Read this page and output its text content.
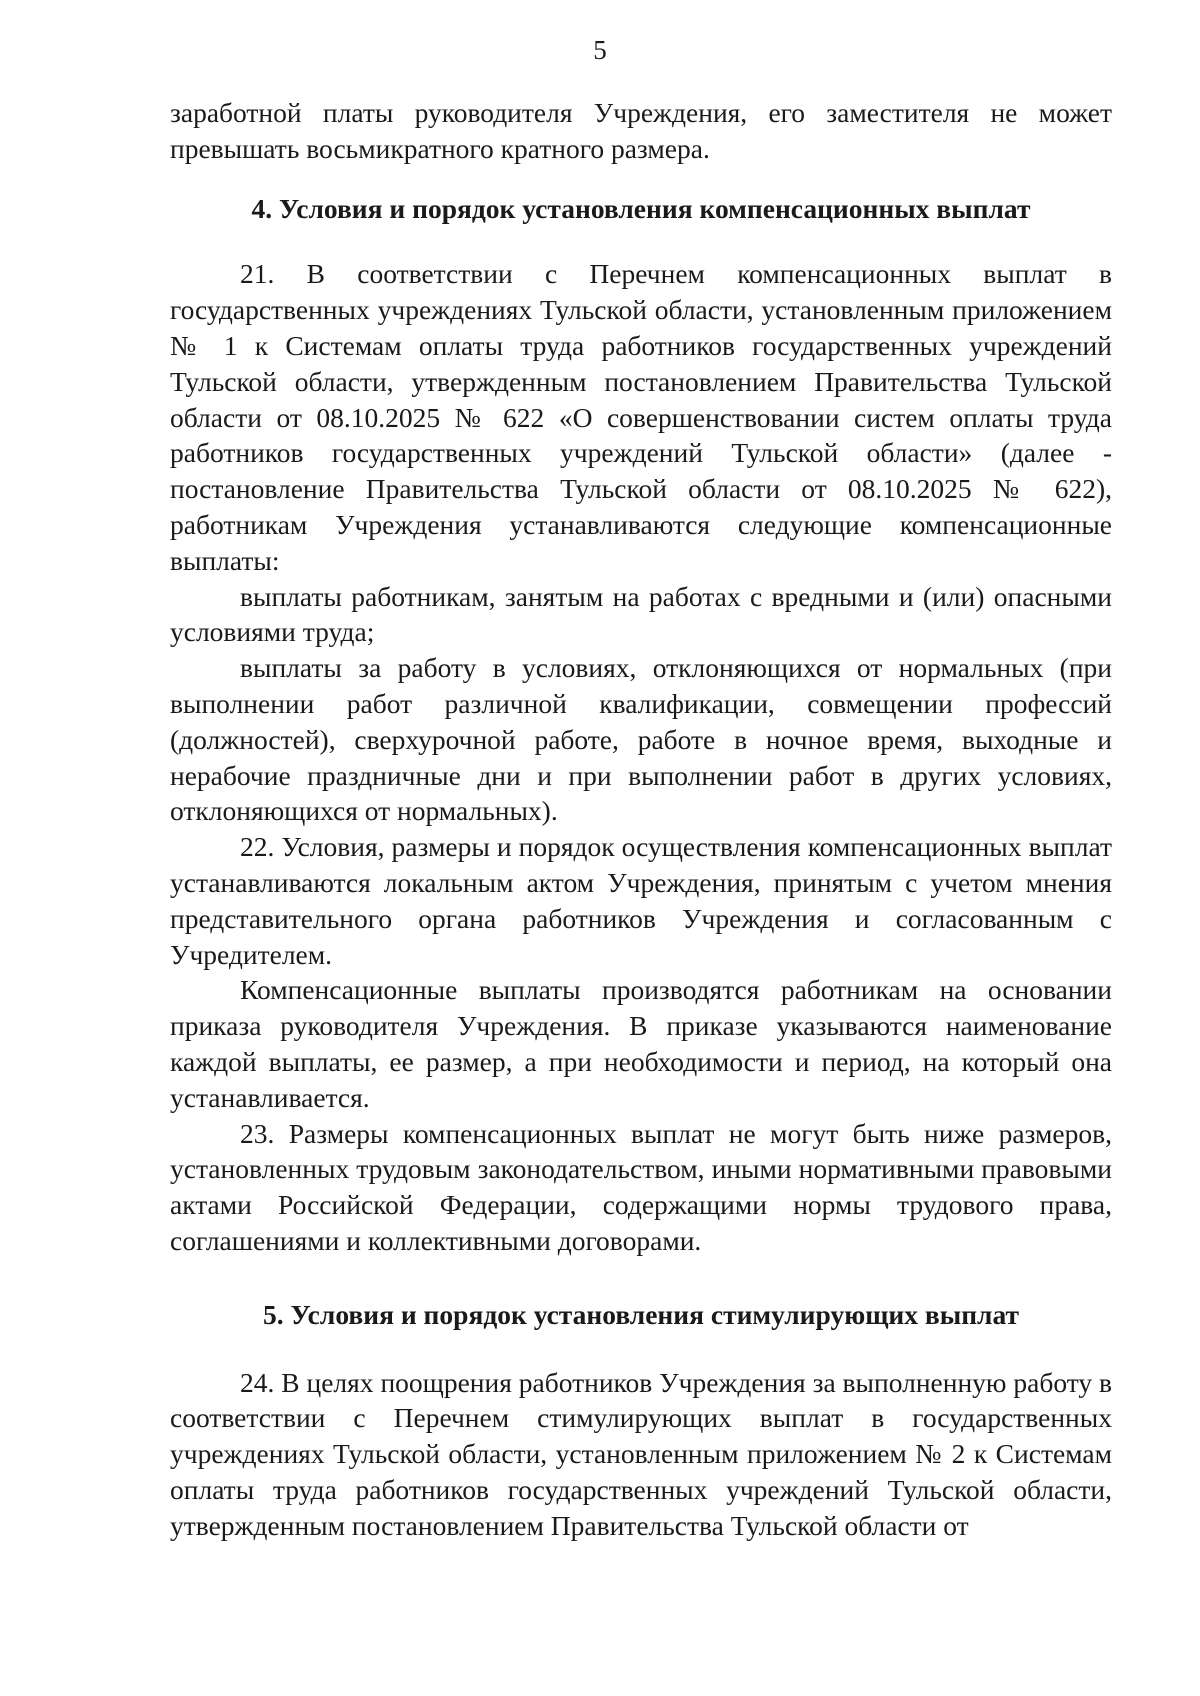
5

заработной платы руководителя Учреждения, его заместителя не может превышать восьмикратного кратного размера.

4. Условия и порядок установления компенсационных выплат

21. В соответствии с Перечнем компенсационных выплат в государственных учреждениях Тульской области, установленным приложением № 1 к Системам оплаты труда работников государственных учреждений Тульской области, утвержденным постановлением Правительства Тульской области от 08.10.2025 № 622 «О совершенствовании систем оплаты труда работников государственных учреждений Тульской области» (далее - постановление Правительства Тульской области от 08.10.2025 № 622), работникам Учреждения устанавливаются следующие компенсационные выплаты:

выплаты работникам, занятым на работах с вредными и (или) опасными условиями труда;

выплаты за работу в условиях, отклоняющихся от нормальных (при выполнении работ различной квалификации, совмещении профессий (должностей), сверхурочной работе, работе в ночное время, выходные и нерабочие праздничные дни и при выполнении работ в других условиях, отклоняющихся от нормальных).

22. Условия, размеры и порядок осуществления компенсационных выплат устанавливаются локальным актом Учреждения, принятым с учетом мнения представительного органа работников Учреждения и согласованным с Учредителем.

Компенсационные выплаты производятся работникам на основании приказа руководителя Учреждения. В приказе указываются наименование каждой выплаты, ее размер, а при необходимости и период, на который она устанавливается.

23. Размеры компенсационных выплат не могут быть ниже размеров, установленных трудовым законодательством, иными нормативными правовыми актами Российской Федерации, содержащими нормы трудового права, соглашениями и коллективными договорами.

5. Условия и порядок установления стимулирующих выплат

24. В целях поощрения работников Учреждения за выполненную работу в соответствии с Перечнем стимулирующих выплат в государственных учреждениях Тульской области, установленным приложением № 2 к Системам оплаты труда работников государственных учреждений Тульской области, утвержденным постановлением Правительства Тульской области от
